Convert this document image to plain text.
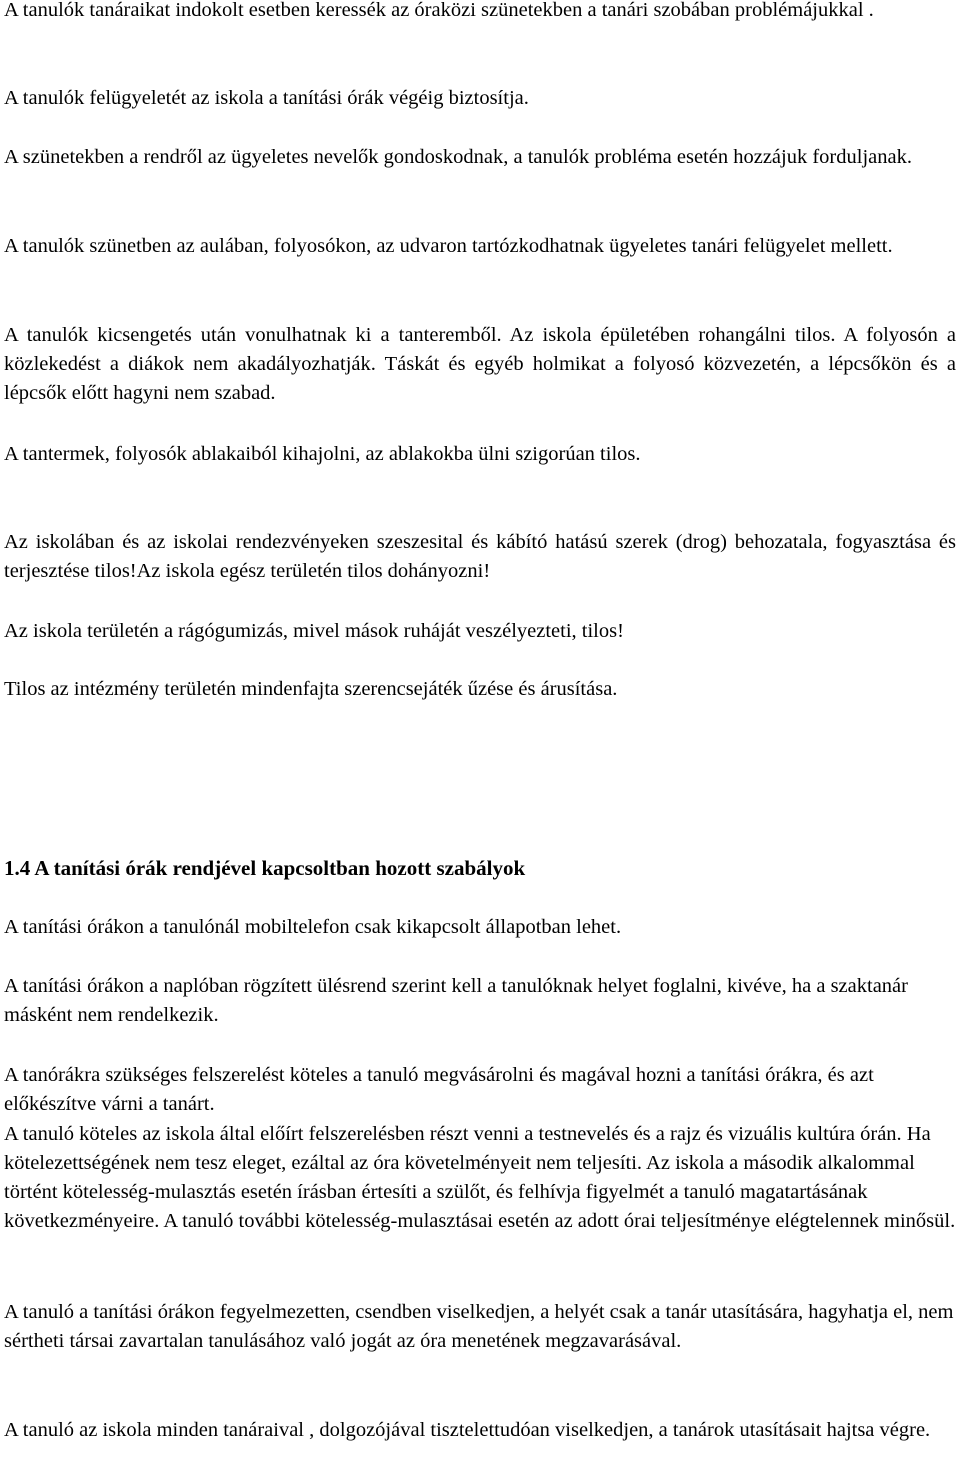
A tanulók tanáraikat indokolt esetben keressék az óraközi szünetekben a tanári szobában problémájukkal .

A tanulók felügyeletét az iskola a tanítási órák végéig biztosítja.

A szünetekben a rendről az ügyeletes nevelők gondoskodnak, a tanulók probléma esetén hozzájuk forduljanak.

A tanulók szünetben az aulában, folyosókon, az udvaron tartózkodhatnak ügyeletes tanári felügyelet mellett.

A tanulók kicsengetés után vonulhatnak ki a tanteremből. Az iskola épületében rohangálni tilos. A folyosón a közlekedést a diákok nem akadályozhatják. Táskát és egyéb holmikat a folyosó közvezetén, a lépcsőkön és a lépcsők előtt hagyni nem szabad.

A tantermek, folyosók ablakaiból kihajolni, az ablakokba ülni szigorúan tilos.

Az iskolában és az iskolai rendezvényeken szeszesital és kábító hatású szerek (drog) behozatala, fogyasztása és terjesztése tilos!Az iskola egész területén tilos dohányozni!

Az iskola területén a rágógumizás, mivel mások ruháját veszélyezteti, tilos!

Tilos az intézmény területén mindenfajta szerencsejáték űzése és árusítása.

1.4 A tanítási órák rendjével kapcsoltban hozott szabályok

A tanítási órákon a tanulónál mobiltelefon csak kikapcsolt állapotban lehet.

A tanítási órákon a naplóban rögzített ülésrend szerint kell a tanulóknak helyet foglalni, kivéve, ha a szaktanár másként nem rendelkezik.

A tanórákra szükséges felszerelést köteles a tanuló megvásárolni és magával hozni a tanítási órákra, és azt előkészítve várni a tanárt.

A tanuló köteles az iskola által előírt felszerelésben részt venni a testnevelés és a rajz és vizuális kultúra órán. Ha kötelezettségének nem tesz eleget, ezáltal az óra követelményeit nem teljesíti. Az iskola a második alkalommal történt kötelesség-mulasztás esetén írásban értesíti a szülőt, és felhívja figyelmét a tanuló magatartásának következményeire. A tanuló további kötelesség-mulasztásai esetén az adott órai teljesítménye elégtelennek minősül.

A tanuló a tanítási órákon fegyelmezetten, csendben viselkedjen, a helyét csak a tanár utasítására, hagyhatja el, nem sértheti társai zavartalan tanulásához való jogát az óra menetének megzavarásával.

A tanuló az iskola minden tanáraival , dolgozójával tisztelettudóan viselkedjen, a tanárok utasításait hajtsa végre.
